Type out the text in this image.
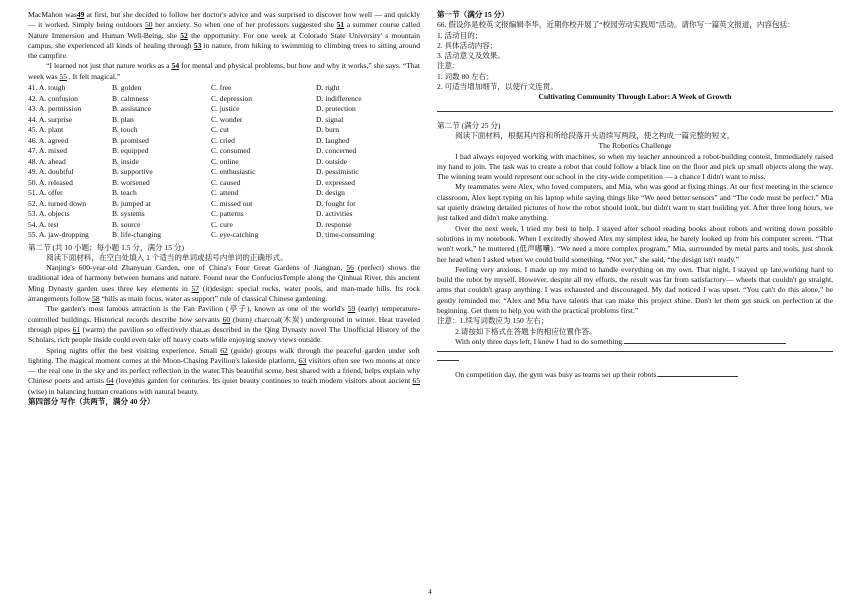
MacMahon was49 at first, but she decided to follow her doctor's advice and was surprised to discover how well — and quickly — it worked. Simply being outdoors 50 her anxiety. So when one of her professors suggested she 51 a summer course called Nature Immersion and Human Well-Being, she 52 the opportunity. For one week at Colorado State University' s mountain campus, she experienced all kinds of healing through 53 in nature, from hiking to swimming to climbing trees to sitting around the campfire.

“I learned not just that nature works as a 54 for mental and physical problems, but how and why it works,” she says. “That week was 55 . It felt magical.”

41. A. tough	B. golden	C. free	D. right
42. A. confusion	B. calmness	C. depression	D. indifference
43. A. permission	B. assistance	C. justice	D. protection
44. A. surprise	B. plan	C. wonder	D. signal
45. A. plant	B. touch	C. cut	D. burn
46. A. agreed	B. promised	C. cried	D. laughed
47. A. mixed	B. equipped	C. consumed	D. concerned
48. A. ahead	B. inside	C. online	D. outside
49. A. doubtful	B. supportive	C. enthusiastic	D. pessimistic
50. A. released	B. worsened	C. caused	D. expressed
51. A. offer	B. teach	C. attend	D. design
52. A. turned down	B. jumped at	C. missed out	D. fought for
53. A. objects	B. systems	C. patterns	D. activities
54. A. test	B. source	C. cure	D. response
55. A. jaw-dropping	B. life-changing	C. eye-catching	D. time-consuming

第二节 (共 10 小题；每小题 1.5 分，满分 15 分)

阅读下面材料，在空白处填入 1 个适当的单词或括号内单词的正确形式。

Nanjing's 600-year-old Zhanyuan Garden, one of China's Four Great Gardens of Jiangnan, 56 (perfect) shows the traditional idea of harmony between humans and nature. Found near the ConfuciusTemple along the Qinhuai River, this ancient Ming Dynasty garden uses three key elements in 57 (it)design: special rocks, water pools, and man-made hills. Its rock arrangements follow 58 “hills as main focus, water as support” rule of classical Chinese gardening.

The garden's most famous attraction is the Fan Pavilion (亭子), known as one of the world's 59 (early) temperature-controlled buildings. Historical records describe how servants 60 (burn) charcoal(木炭) underground in winter. Heat traveled through pipes 61 (warm) the pavilion so effectively that,as described in the Qing Dynasty novel The Unofficial History of the Scholars, rich people inside could even take off heavy coats while enjoying snowy views outside.

Spring nights offer the best visiting experience. Small 62 (guide) groups walk through the peaceful garden under soft lighting. The magical moment comes at the Moon-Chasing Pavilion's lakeside platform, 63 visitors often see two moons at once — the real one in the sky and its perfect reflection in the water.This beautiful scene, best shared with a friend, helps explain why Chinese poets and artists 64 (love)this garden for centuries. Its quiet beauty continues to teach modern visitors about ancient 65 (wise) in balancing human creations with natural beauty.

第四部分 写作（共两节，满分 40 分）

第一节（满分 15 分）

66. 假设你是校英文报编辑李华，近期你校开展了“校园劳动实践周”活动。请你写一篇英文报道，内容包括：

1. 活动目的；

2. 具体活动内容；

3. 活动意义及效果。

注意：

1. 词数 80 左右；

2. 可适当增加细节，以使行文连贯。

Cultivating Community Through Labor: A Week of Growth

第二节 (满分 25 分)

阅读下面材料，根据其内容和所给段落开头语续写两段，使之构成一篇完整的短文。

The Robotics Challenge

I had always enjoyed working with machines, so when my teacher announced a robot-building contest, Immediately raised my hand to join. The task was to create a robot that could follow a black line on the floor and pick up small objects along the way. The winning team would represent our school in the city-wide competition — a chance I didn't want to miss.

My teammates were Alex, who loved computers, and Mia, who was good at fixing things. At our first meeting in the science classroom, Alex kept typing on his laptop while saying things like “We need better sensors” and “The code must be perfect.” Mia sat quietly drawing detailed pictures of how the robot should look, but didn't want to start building yet. After three long hours, we just talked and didn't make anything.

Over the next week, I tried my best to help. I stayed after school reading books about robots and writing down possible solutions in my notebook. When I excitedly showed Alex my simplest idea, he barely looked up from his computer screen. “That won't work,” he muttered (低声嘟囔). “We need a more complex program.” Mia, surrounded by metal parts and tools, just shook her head when I asked when we could build something. “Not yet,” she said, “the design isn't ready.”

Feeling very anxious, I made up my mind to handle everything on my own. That night, I stayed up late,working hard to build the robot by myself. However, despite all my efforts, the result was far from satisfactory— wheels that couldn't go straight, arms that couldn't grasp anything. I was exhausted and discouraged. My dad noticed I was upset. “You can't do this alone,” he gently reminded me. “Alex and Mia have talents that can make this project shine. Don't let them get stuck on perfection at the beginning. Get them to help you with the practical problems first.”

注意：1.续写词数应为 150 左右；

2.请按如下格式在答题卡的相应位置作答。

With only three days left, I knew I had to do something.

On competition day, the gym was busy as teams set up their robots.

4
